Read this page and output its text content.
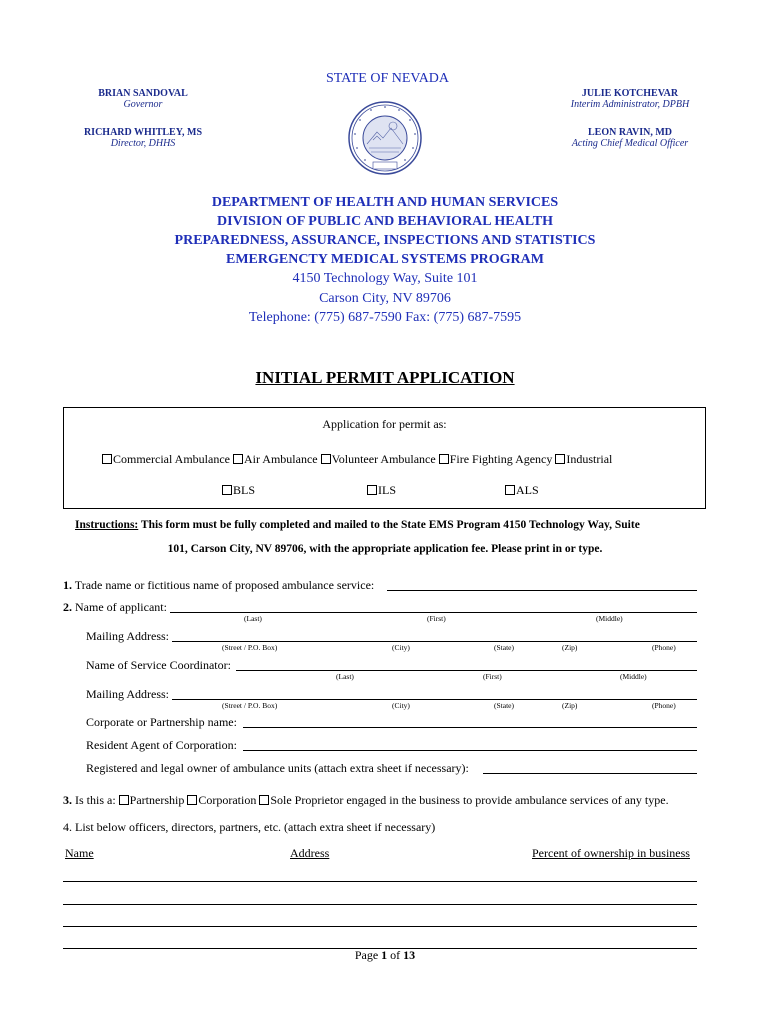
STATE OF NEVADA
BRIAN SANDOVAL
Governor
RICHARD WHITLEY, MS
Director, DHHS
JULIE KOTCHEVAR
Interim Administrator, DPBH
LEON RAVIN, MD
Acting Chief Medical Officer
DEPARTMENT OF HEALTH AND HUMAN SERVICES
DIVISION OF PUBLIC AND BEHAVIORAL HEALTH
PREPAREDNESS, ASSURANCE, INSPECTIONS AND STATISTICS
EMERGENCTY MEDICAL SYSTEMS PROGRAM
4150 Technology Way, Suite 101
Carson City, NV 89706
Telephone: (775) 687-7590 Fax: (775) 687-7595
INITIAL PERMIT APPLICATION
Application for permit as:
Commercial Ambulance Air Ambulance Volunteer Ambulance Fire Fighting Agency Industrial
BLS	ILS	ALS
Instructions: This form must be fully completed and mailed to the State EMS Program 4150 Technology Way, Suite
101, Carson City, NV 89706, with the appropriate application fee. Please print in or type.
1. Trade name or fictitious name of proposed ambulance service:
2. Name of applicant:
(Last)	(First)	(Middle)
Mailing Address:
(Street / P.O. Box)	(City)	(State)	(Zip)	(Phone)
Name of Service Coordinator:
(Last)	(First)	(Middle)
Mailing Address:
(Street / P.O. Box)	(City)	(State)	(Zip)	(Phone)
Corporate or Partnership name:
Resident Agent of Corporation:
Registered and legal owner of ambulance units (attach extra sheet if necessary):
3. Is this a: Partnership Corporation Sole Proprietor engaged in the business to provide ambulance services of any type.
4. List below officers, directors, partners, etc. (attach extra sheet if necessary)
Name	Address	Percent of ownership in business
Page 1 of 13
